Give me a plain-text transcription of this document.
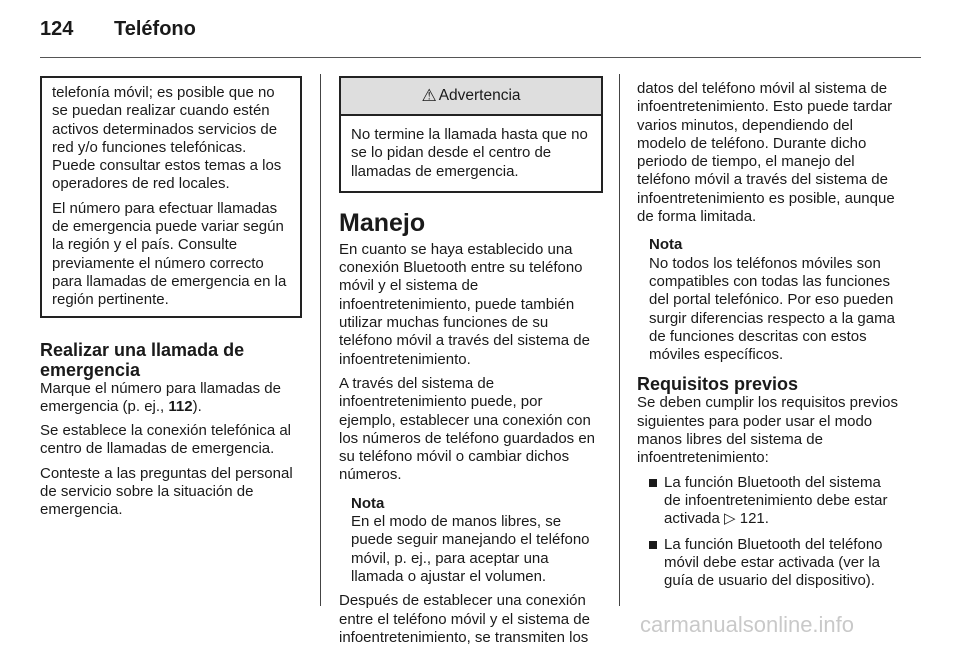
124 Teléfono

telefonía móvil; es posible que no se puedan realizar cuando estén activos determinados servicios de red y/o funciones telefónicas. Puede consultar estos temas a los operadores de red locales.

El número para efectuar llamadas de emergencia puede variar según la región y el país. Consulte previamente el número correcto para llamadas de emergencia en la región pertinente.

Realizar una llamada de emergencia

Marque el número para llamadas de emergencia (p. ej., 112).

Se establece la conexión telefónica al centro de llamadas de emergencia.

Conteste a las preguntas del personal de servicio sobre la situación de emergencia.

⚠ Advertencia
No termine la llamada hasta que no se lo pidan desde el centro de llamadas de emergencia.
Manejo

En cuanto se haya establecido una conexión Bluetooth entre su teléfono móvil y el sistema de infoentretenimiento, puede también utilizar muchas funciones de su teléfono móvil a través del sistema de infoentretenimiento.

A través del sistema de infoentretenimiento puede, por ejemplo, establecer una conexión con los números de teléfono guardados en su teléfono móvil o cambiar dichos números.

Nota
En el modo de manos libres, se puede seguir manejando el teléfono móvil, p. ej., para aceptar una llamada o ajustar el volumen.

Después de establecer una conexión entre el teléfono móvil y el sistema de infoentretenimiento, se transmiten los

datos del teléfono móvil al sistema de infoentretenimiento. Esto puede tardar varios minutos, dependiendo del modelo de teléfono. Durante dicho periodo de tiempo, el manejo del teléfono móvil a través del sistema de infoentretenimiento es posible, aunque de forma limitada.

Nota
No todos los teléfonos móviles son compatibles con todas las funciones del portal telefónico. Por eso pueden surgir diferencias respecto a la gama de funciones descritas con estos móviles específicos.
Requisitos previos

Se deben cumplir los requisitos previos siguientes para poder usar el modo manos libres del sistema de infoentretenimiento:

La función Bluetooth del sistema de infoentretenimiento debe estar activada ▷ 121.
La función Bluetooth del teléfono móvil debe estar activada (ver la guía de usuario del dispositivo).
carmanualsonline.info
